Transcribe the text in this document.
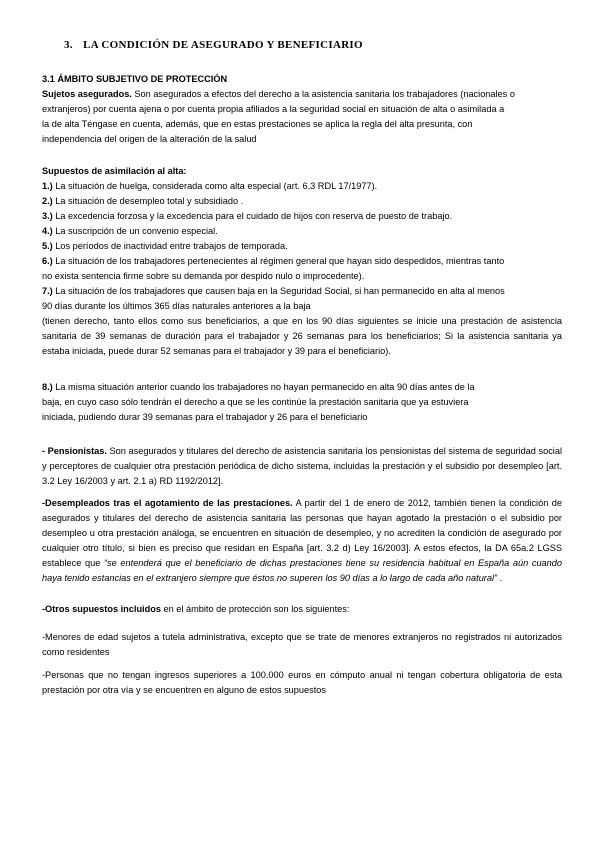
3. LA CONDICIÓN DE ASEGURADO Y BENEFICIARIO
3.1 ÁMBITO SUBJETIVO DE PROTECCIÓN
Sujetos asegurados. Son asegurados a efectos del derecho a la asistencia sanitaria los trabajadores (nacionales o
extranjeros) por cuenta ajena o por cuenta propia afiliados a la seguridad social en situación de alta o asimilada a
la de alta Téngase en cuenta, además, que en estas prestaciones se aplica la regla del alta presunta, con
independencia del origen de la alteración de la salud
Supuestos de asimilación al alta:
1.) La situación de huelga, considerada como alta especial (art. 6.3 RDL 17/1977).
2.) La situación de desempleo total y subsidiado .
3.) La excedencia forzosa y la excedencia para el cuidado de hijos con reserva de puesto de trabajo.
4.) La suscripción de un convenio especial.
5.) Los períodos de inactividad entre trabajos de temporada.
6.) La situación de los trabajadores pertenecientes al régimen general que hayan sido despedidos, mientras tanto
no exista sentencia firme sobre su demanda por despido nulo o improcedente).
7.) La situación de los trabajadores que causen baja en la Seguridad Social, si han permanecido en alta al menos
90 días durante los últimos 365 días naturales anteriores a la baja
(tienen derecho, tanto ellos como sus beneficiarios, a que en los 90 días siguientes se inicie una prestación de asistencia sanitaria de 39 semanas de duración para el trabajador y 26 semanas para los beneficiarios; Si la asistencia sanitaria ya estaba iniciada, puede durar 52 semanas para el trabajador y 39 para el beneficiario).
8.) La misma situación anterior cuando los trabajadores no hayan permanecido en alta 90 días antes de la
baja, en cuyo caso sólo tendrán el derecho a que se les continúe la prestación sanitaria que ya estuviera
iniciada, pudiendo durar 39 semanas para el trabajador y 26 para el beneficiario
- Pensionistas. Son asegurados y titulares del derecho de asistencia sanitaria los pensionistas del sistema de seguridad social y perceptores de cualquier otra prestación periódica de dicho sistema, incluidas la prestación y el subsidio por desempleo [art. 3.2 Ley 16/2003 y art. 2.1 a) RD 1192/2012].
-Desempleados tras el agotamiento de las prestaciones. A partir del 1 de enero de 2012, también tienen la condición de asegurados y titulares del derecho de asistencia sanitaria las personas que hayan agotado la prestación o el subsidio por desempleo u otra prestación análoga, se encuentren en situación de desempleo, y no acrediten la condición de asegurado por cualquier otro título, si bien es preciso que residan en España [art. 3.2 d) Ley 16/2003]. A estos efectos, la DA 65a.2 LGSS establece que “se entenderá que el beneficiario de dichas prestaciones tiene su residencia habitual en España aún cuando haya tenido estancias en el extranjero siempre que éstos no superen los 90 días a lo largo de cada año natural” .
-Otros supuestos incluidos en el ámbito de protección son los siguientes:
-Menores de edad sujetos a tutela administrativa, excepto que se trate de menores extranjeros no registrados ni autorizados como residentes
-Personas que no tengan ingresos superiores a 100.000 euros en cómputo anual ni tengan cobertura obligatoria de esta prestación por otra vía y se encuentren en alguno de estos supuestos
